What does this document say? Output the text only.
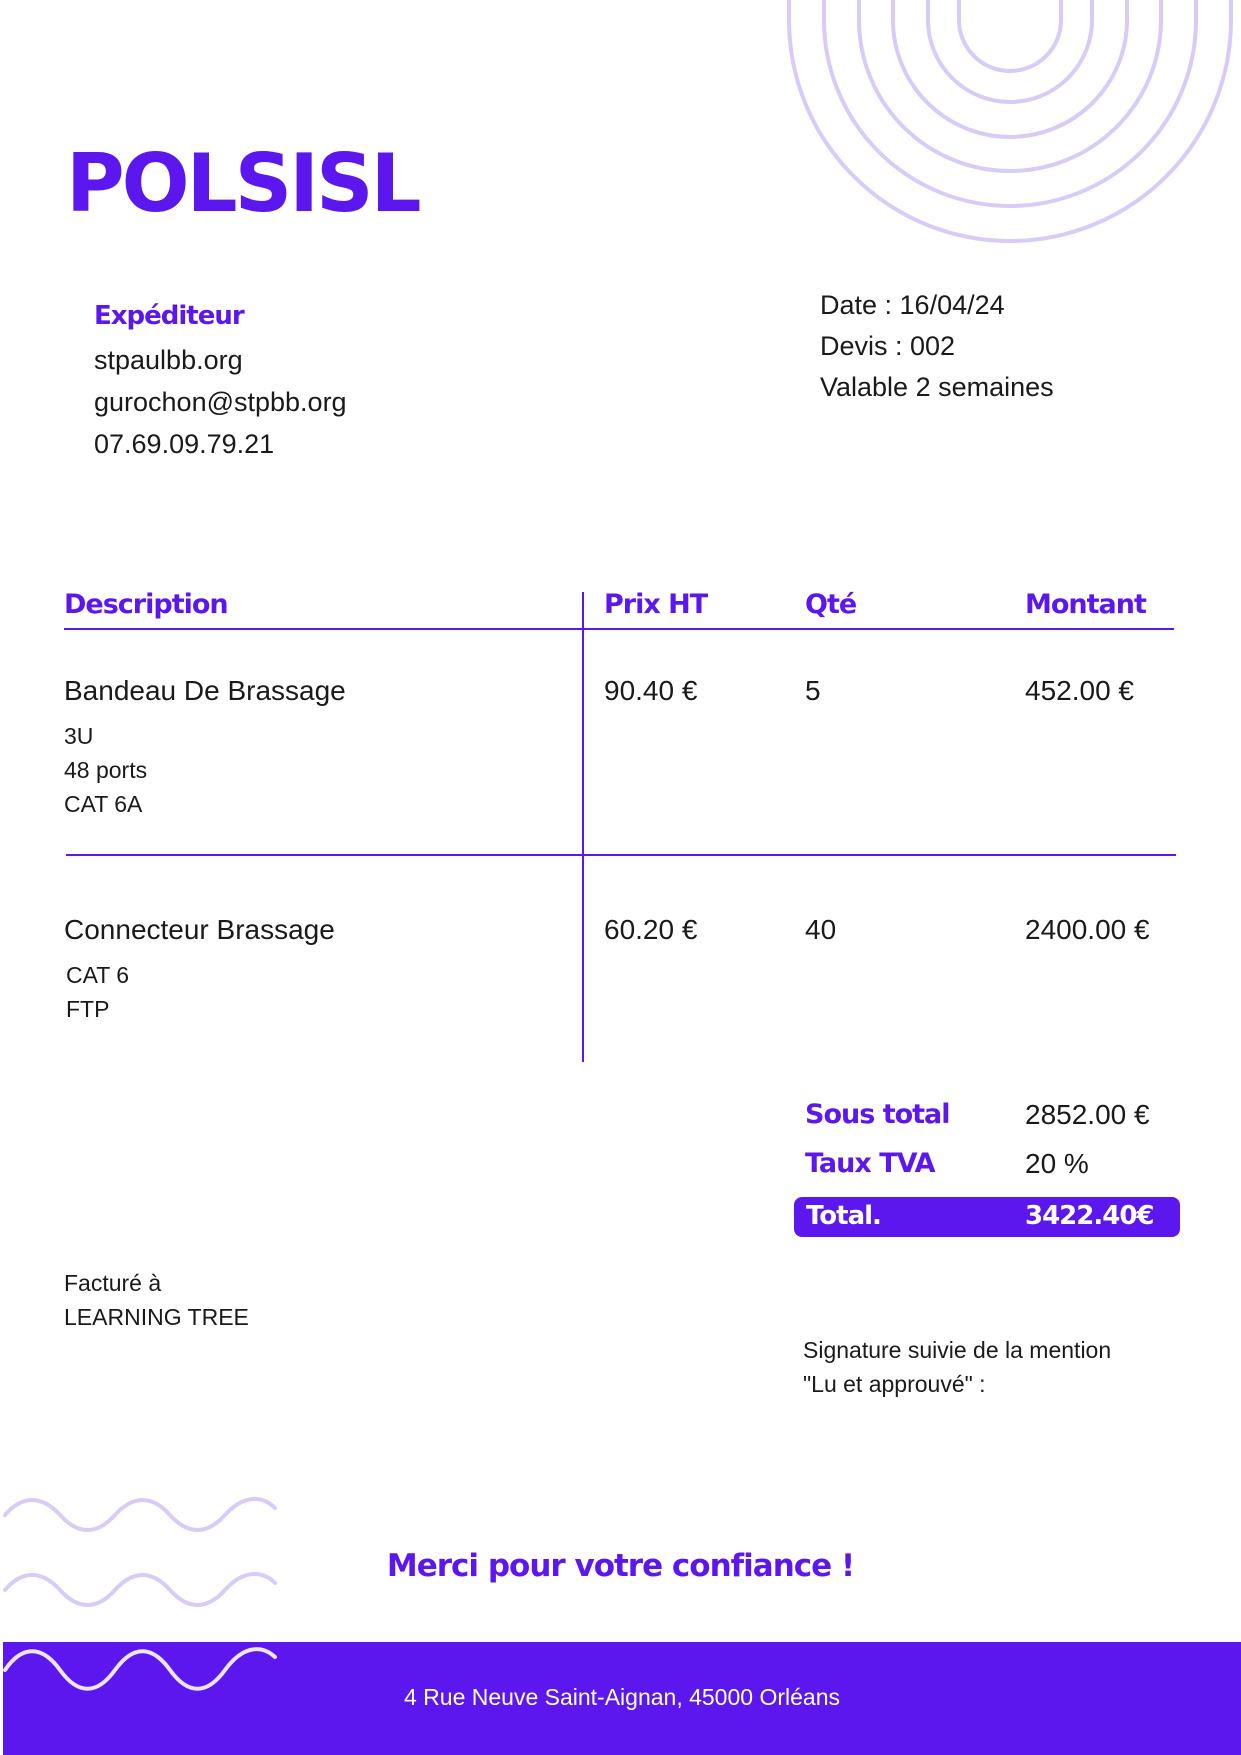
POLSISL
Expéditeur
stpaulbb.org
gurochon@stpbb.org
07.69.09.79.21
Date : 16/04/24
Devis : 002
Valable 2 semaines
Description	Prix HT	Qté	Montant
Bandeau De Brassage
3U
48 ports
CAT 6A
90.40 €	5	452.00 €
Connecteur Brassage
CAT 6
FTP
60.20 €	40	2400.00 €
Sous total	2852.00 €
Taux TVA	20 %
Total.	3422.40€
Facturé à
LEARNING TREE
Signature suivie de la mention
"Lu et approuvé" :
Merci pour votre confiance !
4 Rue Neuve Saint-Aignan, 45000 Orléans
